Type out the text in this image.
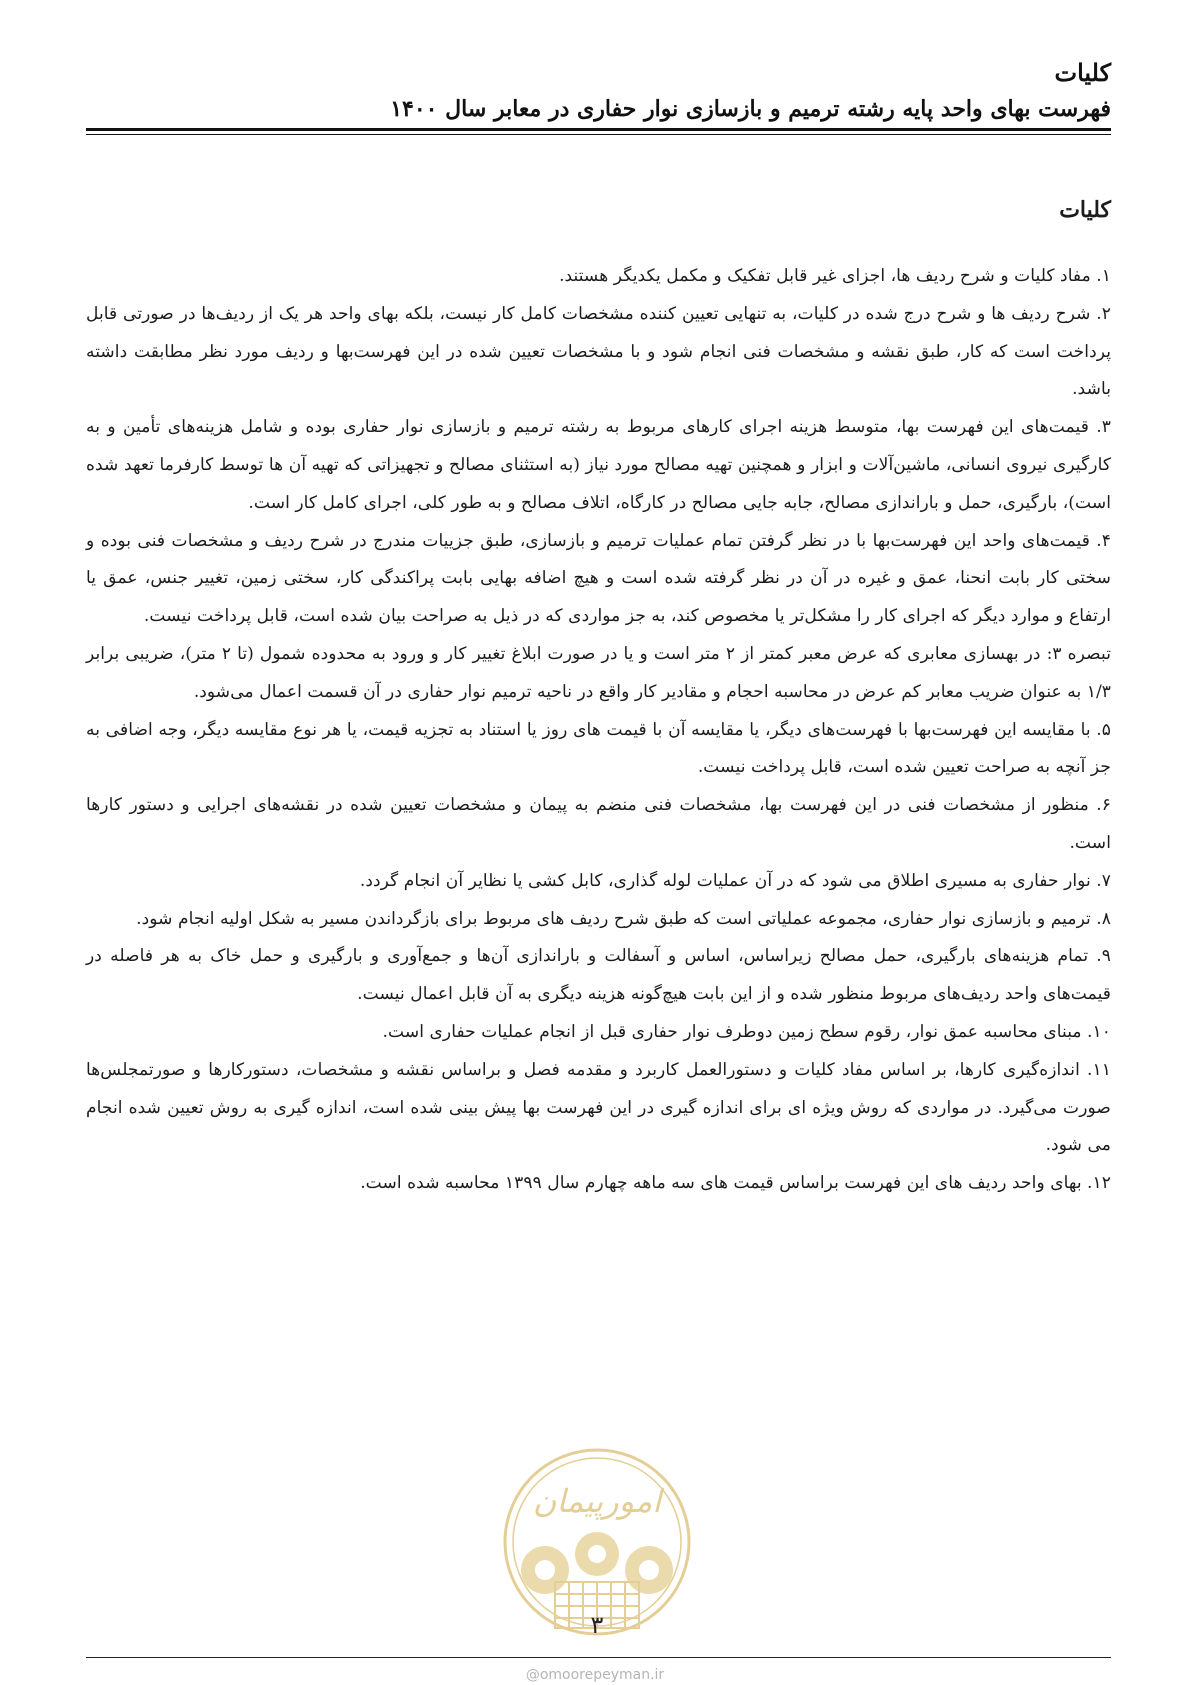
کلیات
فهرست بهای واحد پایه رشته ترمیم و بازسازی نوار حفاری در معابر سال ۱۴۰۰
کلیات

۱. مفاد کلیات و شرح ردیف ها، اجزای غیر قابل تفکیک و مکمل یکدیگر هستند.

۲. شرح ردیف ها و شرح درج شده در کلیات، به تنهایی تعیین کننده مشخصات کامل کار نیست، بلکه بهای واحد هر یک از ردیف‌ها در صورتی قابل پرداخت است که کار، طبق نقشه و مشخصات فنی انجام شود و با مشخصات تعیین شده در این فهرست‌بها و ردیف مورد نظر مطابقت داشته باشد.

۳. قیمت‌های این فهرست بها، متوسط هزینه اجرای کارهای مربوط به رشته ترمیم و بازسازی نوار حفاری بوده و شامل هزینه‌های تأمین و به کارگیری نیروی انسانی، ماشین‌آلات و ابزار و همچنین تهیه مصالح مورد نیاز (به استثنای مصالح و تجهیزاتی که تهیه آن ها توسط کارفرما تعهد شده است)، بارگیری، حمل و باراندازی مصالح، جابه جایی مصالح در کارگاه، اتلاف مصالح و به طور کلی، اجرای کامل کار است.

۴. قیمت‌های واحد این فهرست‌بها با در نظر گرفتن تمام عملیات ترمیم و بازسازی، طبق جزییات مندرج در شرح ردیف و مشخصات فنی بوده و سختی کار بابت انحنا، عمق و غیره در آن در نظر گرفته شده است و هیچ اضافه بهایی بابت پراکندگی کار، سختی زمین، تغییر جنس، عمق یا ارتفاع و موارد دیگر که اجرای کار را مشکل‌تر یا مخصوص کند، به جز مواردی که در ذیل به صراحت بیان شده است، قابل پرداخت نیست.

تبصره ۳: در بهسازی معابری که عرض معبر کمتر از ۲ متر است و یا در صورت ابلاغ تغییر کار و ورود به محدوده شمول (تا ۲ متر)، ضریبی برابر ۱/۳ به عنوان ضریب معابر کم عرض در محاسبه احجام و مقادیر کار واقع در ناحیه ترمیم نوار حفاری در آن قسمت اعمال می‌شود.

۵. با مقایسه این فهرست‌بها با فهرست‌های دیگر، یا مقایسه آن با قیمت های روز یا استناد به تجزیه قیمت، یا هر نوع مقایسه دیگر، وجه اضافی به جز آنچه به صراحت تعیین شده است، قابل پرداخت نیست.

۶. منظور از مشخصات فنی در این فهرست بها، مشخصات فنی منضم به پیمان و مشخصات تعیین شده در نقشه‌های اجرایی و دستور کارها است.

۷. نوار حفاری به مسیری اطلاق می شود که در آن عملیات لوله گذاری، کابل کشی یا نظایر آن انجام گردد.

۸. ترمیم و بازسازی نوار حفاری، مجموعه عملیاتی است که طبق شرح ردیف های مربوط برای بازگرداندن مسیر به شکل اولیه انجام شود.

۹. تمام هزینه‌های بارگیری، حمل مصالح زیراساس، اساس و آسفالت و باراندازی آن‌ها و جمع‌آوری و بارگیری و حمل خاک به هر فاصله در قیمت‌های واحد ردیف‌های مربوط منظور شده و از این بابت هیچ‌گونه هزینه دیگری به آن قابل اعمال نیست.

۱۰. مبنای محاسبه عمق نوار، رقوم سطح زمین دوطرف نوار حفاری قبل از انجام عملیات حفاری است.

۱۱. اندازه‌گیری کارها، بر اساس مفاد کلیات و دستورالعمل کاربرد و مقدمه فصل و براساس نقشه و مشخصات، دستورکارها و صورتمجلس‌ها صورت می‌گیرد. در مواردی که روش ویژه ای برای اندازه گیری در این فهرست بها پیش بینی شده است، اندازه گیری به روش تعیین شده انجام می شود.

۱۲. بهای واحد ردیف های این فهرست براساس قیمت های سه ماهه چهارم سال ۱۳۹۹ محاسبه شده است.

امورپیمان
۳
@omoorepeyman.ir
